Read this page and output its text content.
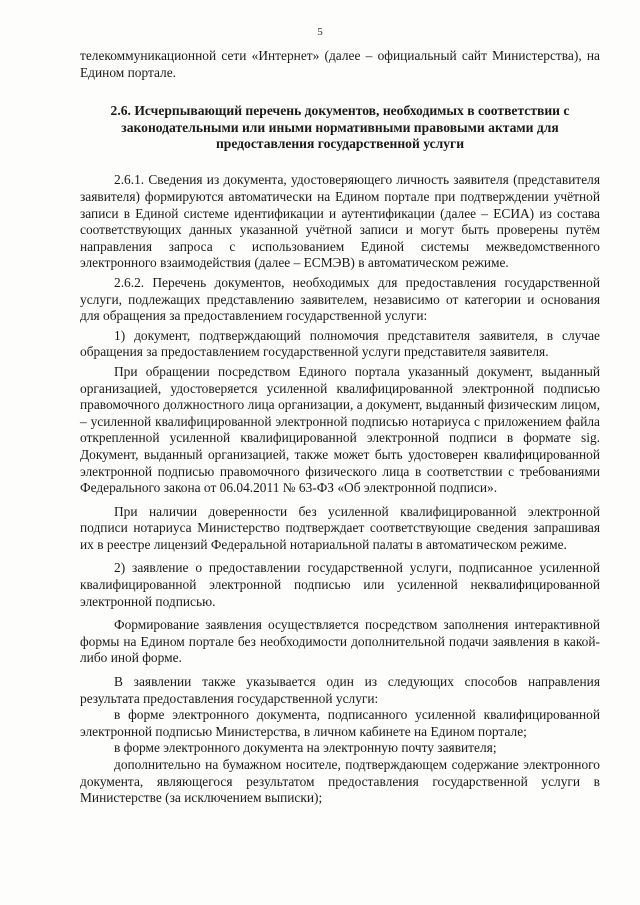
5

телекоммуникационной сети «Интернет» (далее – официальный сайт Министерства), на Едином портале.

2.6. Исчерпывающий перечень документов, необходимых в соответствии с законодательными или иными нормативными правовыми актами для предоставления государственной услуги

2.6.1. Сведения из документа, удостоверяющего личность заявителя (представителя заявителя) формируются автоматически на Едином портале при подтверждении учётной записи в Единой системе идентификации и аутентификации (далее – ЕСИА) из состава соответствующих данных указанной учётной записи и могут быть проверены путём направления запроса с использованием Единой системы межведомственного электронного взаимодействия (далее – ЕСМЭВ) в автоматическом режиме.

2.6.2. Перечень документов, необходимых для предоставления государственной услуги, подлежащих представлению заявителем, независимо от категории и основания для обращения за предоставлением государственной услуги:

1) документ, подтверждающий полномочия представителя заявителя, в случае обращения за предоставлением государственной услуги представителя заявителя.

При обращении посредством Единого портала указанный документ, выданный организацией, удостоверяется усиленной квалифицированной электронной подписью правомочного должностного лица организации, а документ, выданный физическим лицом, – усиленной квалифицированной электронной подписью нотариуса с приложением файла открепленной усиленной квалифицированной электронной подписи в формате sig. Документ, выданный организацией, также может быть удостоверен квалифицированной электронной подписью правомочного физического лица в соответствии с требованиями Федерального закона от 06.04.2011 № 63-ФЗ «Об электронной подписи».

При наличии доверенности без усиленной квалифицированной электронной подписи нотариуса Министерство подтверждает соответствующие сведения запрашивая их в реестре лицензий Федеральной нотариальной палаты в автоматическом режиме.

2) заявление о предоставлении государственной услуги, подписанное усиленной квалифицированной электронной подписью или усиленной неквалифицированной электронной подписью.

Формирование заявления осуществляется посредством заполнения интерактивной формы на Едином портале без необходимости дополнительной подачи заявления в какой-либо иной форме.

В заявлении также указывается один из следующих способов направления результата предоставления государственной услуги:

в форме электронного документа, подписанного усиленной квалифицированной электронной подписью Министерства, в личном кабинете на Едином портале;

в форме электронного документа на электронную почту заявителя;

дополнительно на бумажном носителе, подтверждающем содержание электронного документа, являющегося результатом предоставления государственной услуги в Министерстве (за исключением выписки);
